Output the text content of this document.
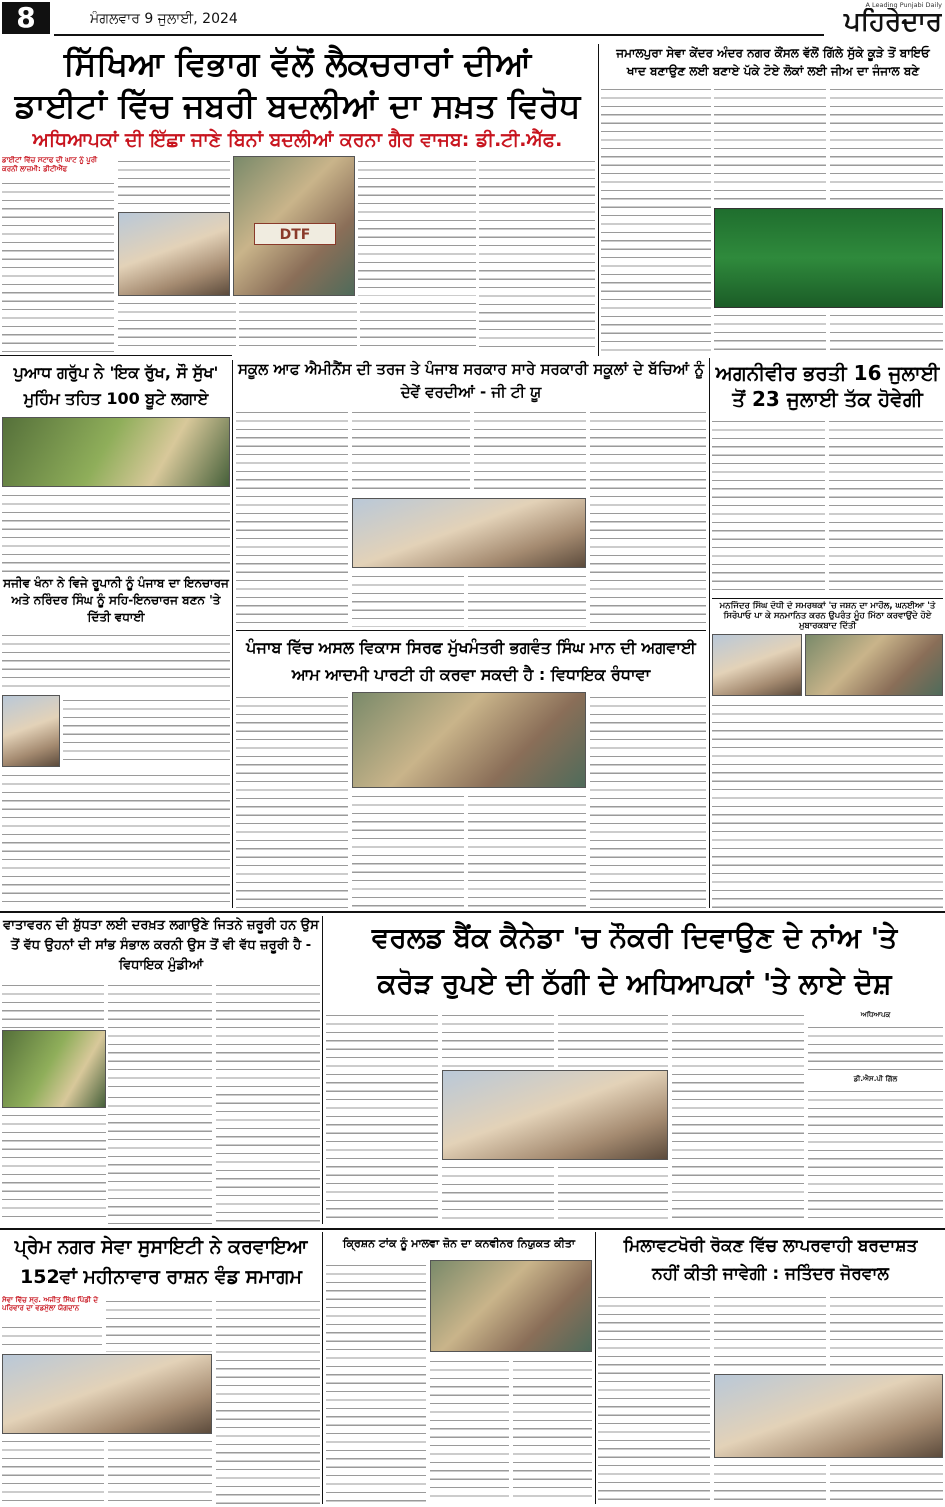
8	ਮੰਗਲਵਾਰ 9 ਜੁਲਾਈ, 2024
A Leading Punjabi Daily
ਪਹਿਰੇਦਾਰ
ਸਿੱਖਿਆ ਵਿਭਾਗ ਵੱਲੋਂ ਲੈਕਚਰਾਰਾਂ ਦੀਆਂ
ਡਾਈਟਾਂ ਵਿੱਚ ਜਬਰੀ ਬਦਲੀਆਂ ਦਾ ਸਖ਼ਤ ਵਿਰੋਧ
ਅਧਿਆਪਕਾਂ ਦੀ ਇੱਛਾ ਜਾਣੇ ਬਿਨਾਂ ਬਦਲੀਆਂ ਕਰਨਾ ਗੈਰ ਵਾਜਬ: ਡੀ.ਟੀ.ਐੱਫ.
ਡਾਈਟਾਂ ਵਿੱਚ ਸਟਾਫ ਦੀ ਘਾਟ ਨੂੰ ਪੂਰੀ ਕਰਨੀ ਲਾਜ਼ਮੀ: ਡੀਟੀਐੱਫ
DTF
ਪੁਆਧ ਗਰੁੱਪ ਨੇ 'ਇਕ ਰੁੱਖ, ਸੌ ਸੁੱਖ' ਮੁਹਿੰਮ ਤਹਿਤ 100 ਬੂਟੇ ਲਗਾਏ
ਸਜੀਵ ਖੰਨਾ ਨੇ ਵਿਜੇ ਰੂਪਾਨੀ ਨੂੰ ਪੰਜਾਬ ਦਾ ਇਨਚਾਰਜ ਅਤੇ ਨਰਿੰਦਰ ਸਿੰਘ ਨੂੰ ਸਹਿ-ਇਨਚਾਰਜ ਬਣਨ 'ਤੇ ਦਿੱਤੀ ਵਧਾਈ
ਸਕੂਲ ਆਫ ਐਮੀਨੈਂਸ ਦੀ ਤਰਜ ਤੇ ਪੰਜਾਬ ਸਰਕਾਰ ਸਾਰੇ ਸਰਕਾਰੀ ਸਕੂਲਾਂ ਦੇ ਬੱਚਿਆਂ ਨੂੰ ਦੇਵੇਂ ਵਰਦੀਆਂ - ਜੀ ਟੀ ਯੂ
ਪੰਜਾਬ ਵਿੱਚ ਅਸਲ ਵਿਕਾਸ ਸਿਰਫ ਮੁੱਖਮੰਤਰੀ ਭਗਵੰਤ ਸਿੰਘ ਮਾਨ ਦੀ ਅਗਵਾਈ ਆਮ ਆਦਮੀ ਪਾਰਟੀ ਹੀ ਕਰਵਾ ਸਕਦੀ ਹੈ : ਵਿਧਾਇਕ ਰੰਧਾਵਾ
ਜਮਾਲਪੁਰਾ ਸੇਵਾ ਕੇਂਦਰ ਅੰਦਰ ਨਗਰ ਕੌਂਸਲ ਵੱਲੋਂ ਗਿੱਲੇ ਸੁੱਕੇ ਕੂੜੇ ਤੋਂ ਬਾਇਓ
ਖਾਦ ਬਣਾਉਣ ਲਈ ਬਣਾਏ ਪੱਕੇ ਟੋਏ ਲੋਕਾਂ ਲਈ ਜੀਅ ਦਾ ਜੰਜਾਲ ਬਣੇ
ਅਗਨੀਵੀਰ ਭਰਤੀ 16 ਜੁਲਾਈ
ਤੋਂ 23 ਜੁਲਾਈ ਤੱਕ ਹੋਵੇਗੀ
ਮਨਜਿੰਦਰ ਸਿੰਘ ਦੋਧੀ ਦੇ ਸਮਰਥਕਾਂ 'ਚ ਜਸ਼ਨ ਦਾ ਮਾਹੌਲ, ਘਨਈਆ 'ਤੇ ਸਿਰੋਪਾਓ ਪਾ ਕੇ ਸਨਮਾਨਿਤ ਕਰਨ ਉਪਰੰਤ ਮੂੰਹ ਮਿੱਠਾ ਕਰਵਾਉਂਦੇ ਹੋਏ ਮੁਬਾਰਕਬਾਦ ਦਿੱਤੀ
ਵਾਤਾਵਰਨ ਦੀ ਸ਼ੁੱਧਤਾ ਲਈ ਦਰਖ਼ਤ ਲਗਾਉਣੇ ਜਿਤਨੇ ਜ਼ਰੂਰੀ ਹਨ ਉਸ ਤੋਂ ਵੱਧ ਉਹਨਾਂ ਦੀ ਸਾਂਭ ਸੰਭਾਲ ਕਰਨੀ ਉਸ ਤੋਂ ਵੀ ਵੱਧ ਜ਼ਰੂਰੀ ਹੈ - ਵਿਧਾਇਕ ਮੁੰਡੀਆਂ
ਵਰਲਡ ਬੈਂਕ ਕੈਨੇਡਾ 'ਚ ਨੌਕਰੀ ਦਿਵਾਉਣ ਦੇ ਨਾਂਅ 'ਤੇ
ਕਰੋੜ ਰੁਪਏ ਦੀ ਠੱਗੀ ਦੇ ਅਧਿਆਪਕਾਂ 'ਤੇ ਲਾਏ ਦੋਸ਼
ਅਧਿਆਪਕ
ਡੀ.ਐਸ.ਪੀ ਗਿੱਲ
ਪ੍ਰੇਮ ਨਗਰ ਸੇਵਾ ਸੁਸਾਇਟੀ ਨੇ ਕਰਵਾਇਆ
152ਵਾਂ ਮਹੀਨਾਵਾਰ ਰਾਸ਼ਨ ਵੰਡ ਸਮਾਗਮ
ਸੇਵਾ ਵਿੱਚ ਸ੍ਰ. ਅਜੀਤ ਸਿੰਘ ਪਿੰਡੀ ਦੇ ਪਰਿਵਾਰ ਦਾ ਵਡਮੁੱਲਾ ਯੋਗਦਾਨ
ਕ੍ਰਿਸ਼ਨ ਟਾਂਕ ਨੂੰ ਮਾਲਵਾ ਜ਼ੋਨ ਦਾ ਕਨਵੀਨਰ ਨਿਯੁਕਤ ਕੀਤਾ	ਮਿਲਾਵਟਖੋਰੀ ਰੋਕਣ ਵਿੱਚ ਲਾਪਰਵਾਹੀ ਬਰਦਾਸ਼ਤ
ਨਹੀਂ ਕੀਤੀ ਜਾਵੇਗੀ : ਜਤਿੰਦਰ ਜੋਰਵਾਲ
